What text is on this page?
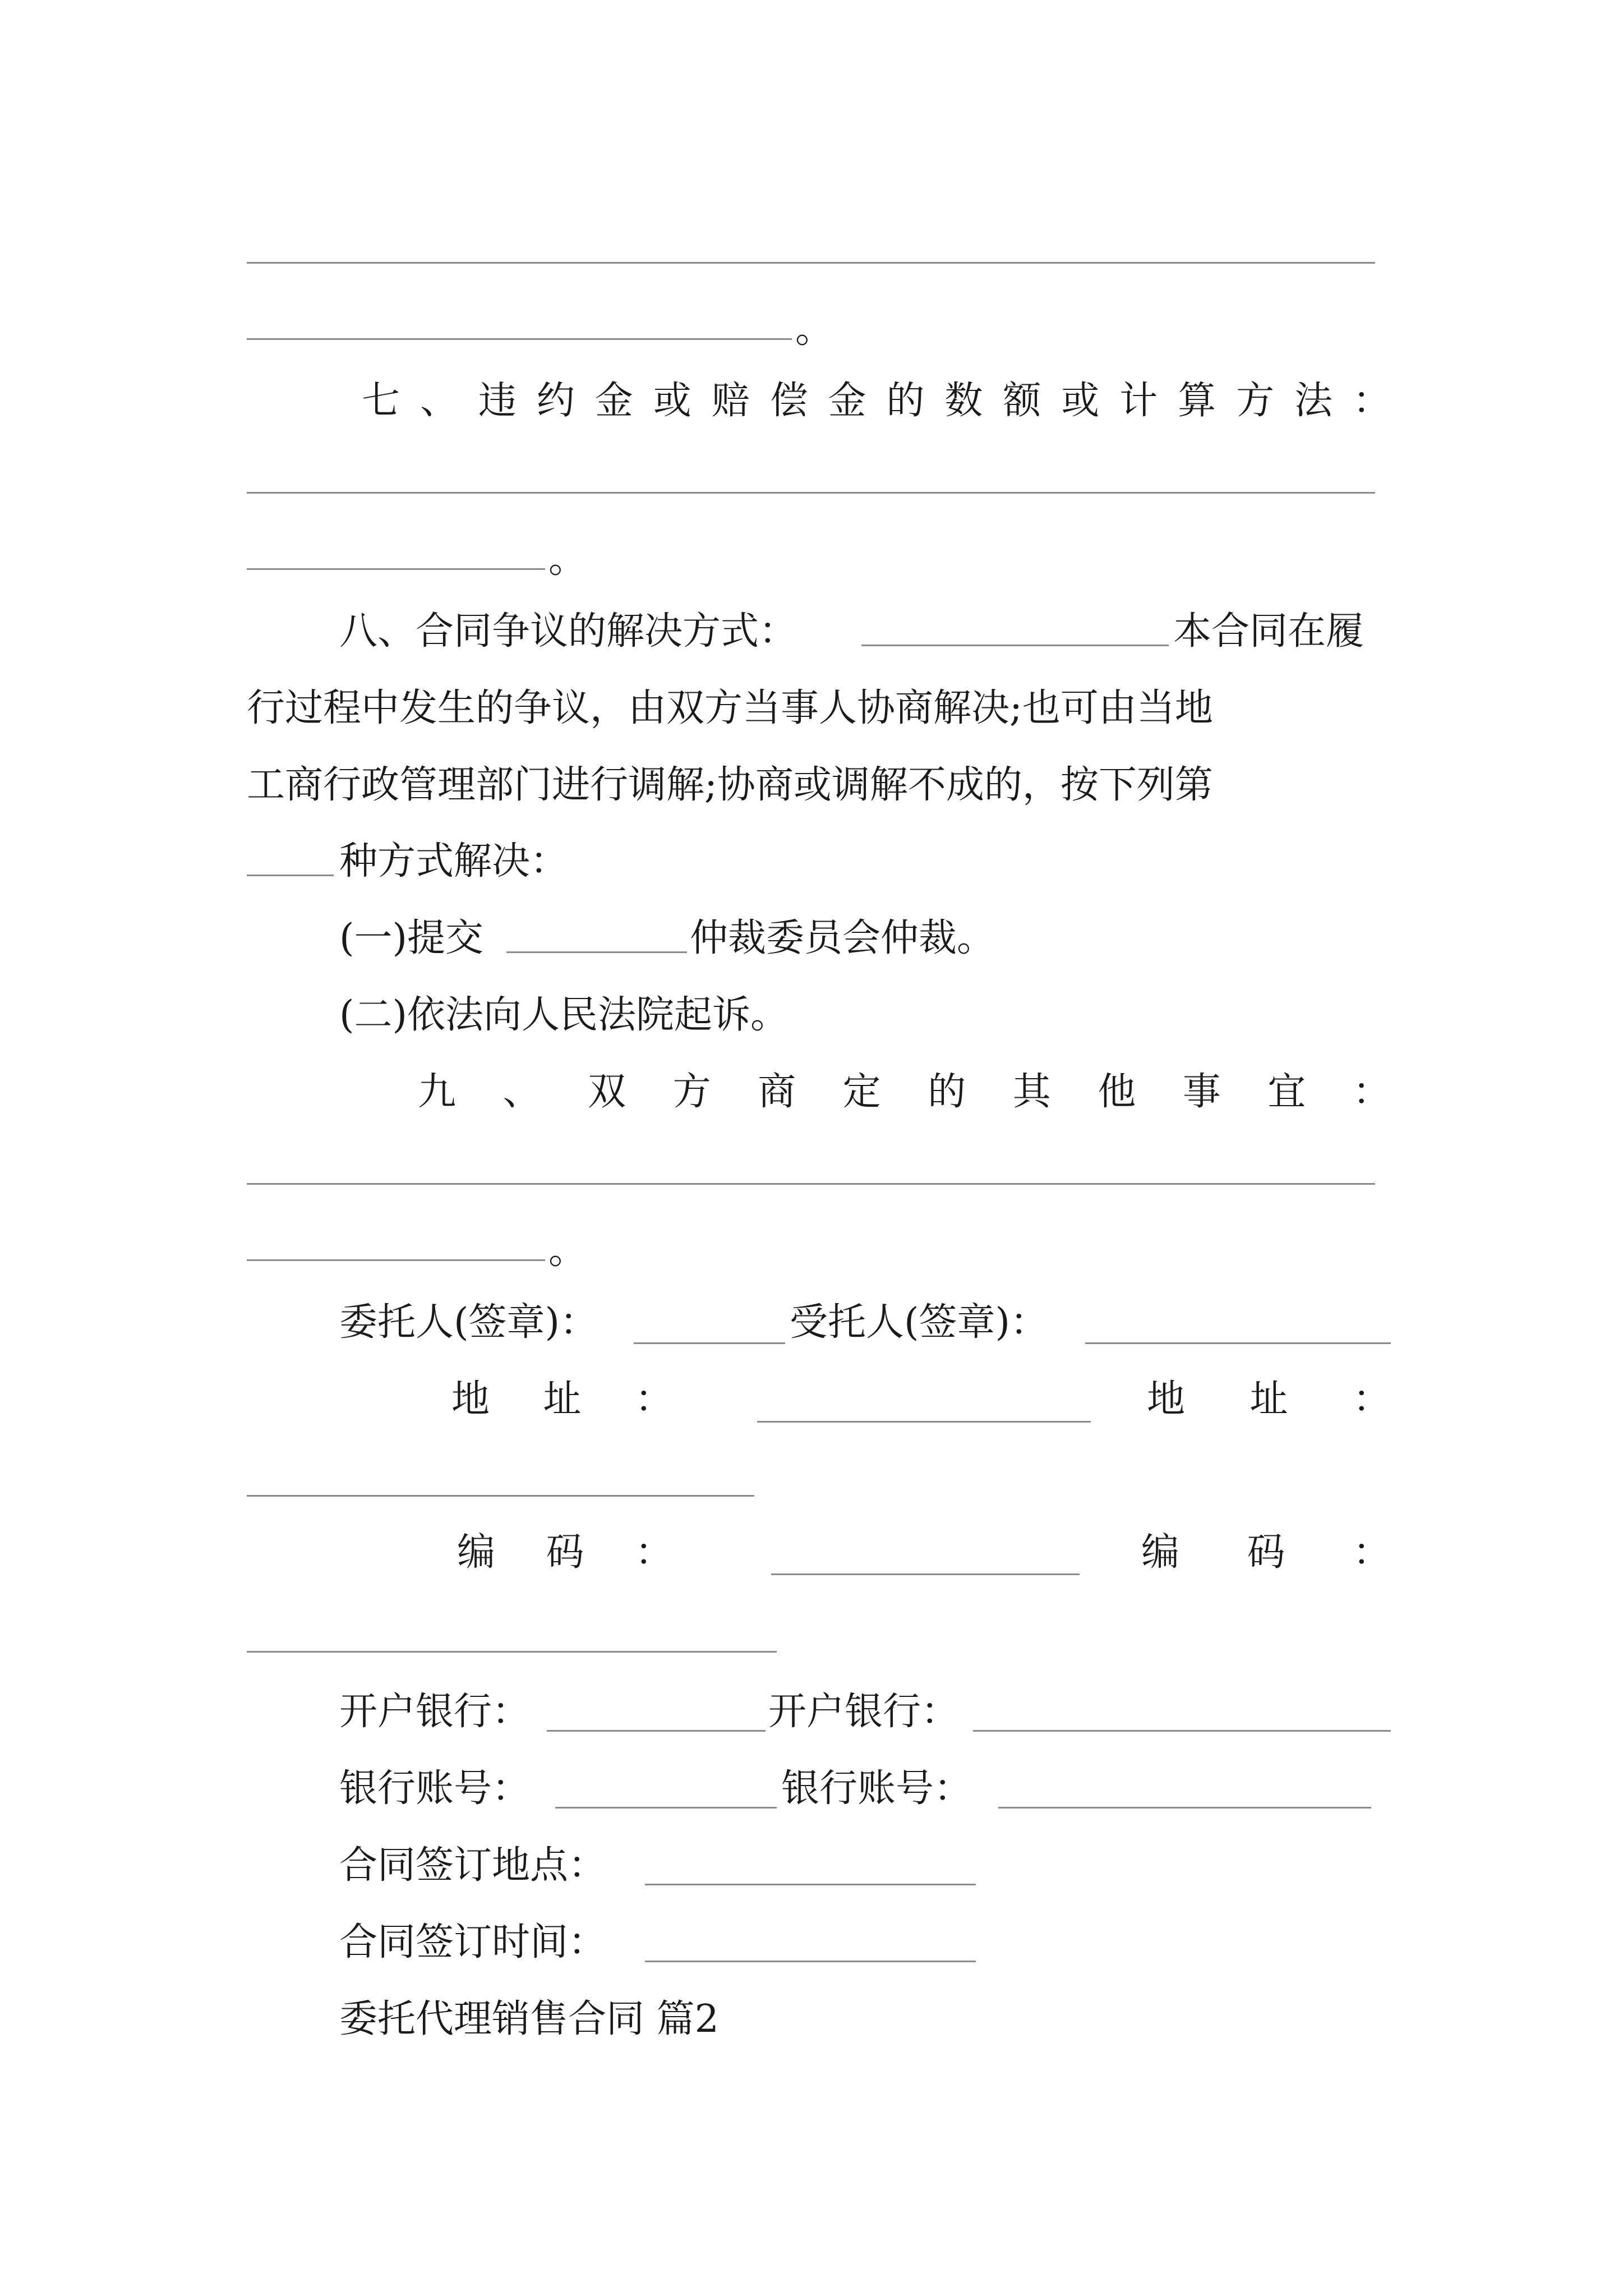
。
七 、 违 约 金 或 赔 偿 金 的 数 额 或 计 算 方 法 ：
。
八、合同争议的解决方式：	本合同在履
行过程中发生的争议，由双方当事人协商解决;也可由当地
工商行政管理部门进行调解;协商或调解不成的，按下列第
种方式解决：
(一)提交	仲裁委员会仲裁。
(二)依法向人民法院起诉。
九 、 双 方 商 定 的 其 他 事 宜 ：
。
委托人(签章)：	受托人(签章)：
地 址 ：	地 址 ：
编 码 ：	编 码 ：
开户银行：	开户银行：
银行账号：	银行账号：
合同签订地点：
合同签订时间：
委托代理销售合同 篇2
